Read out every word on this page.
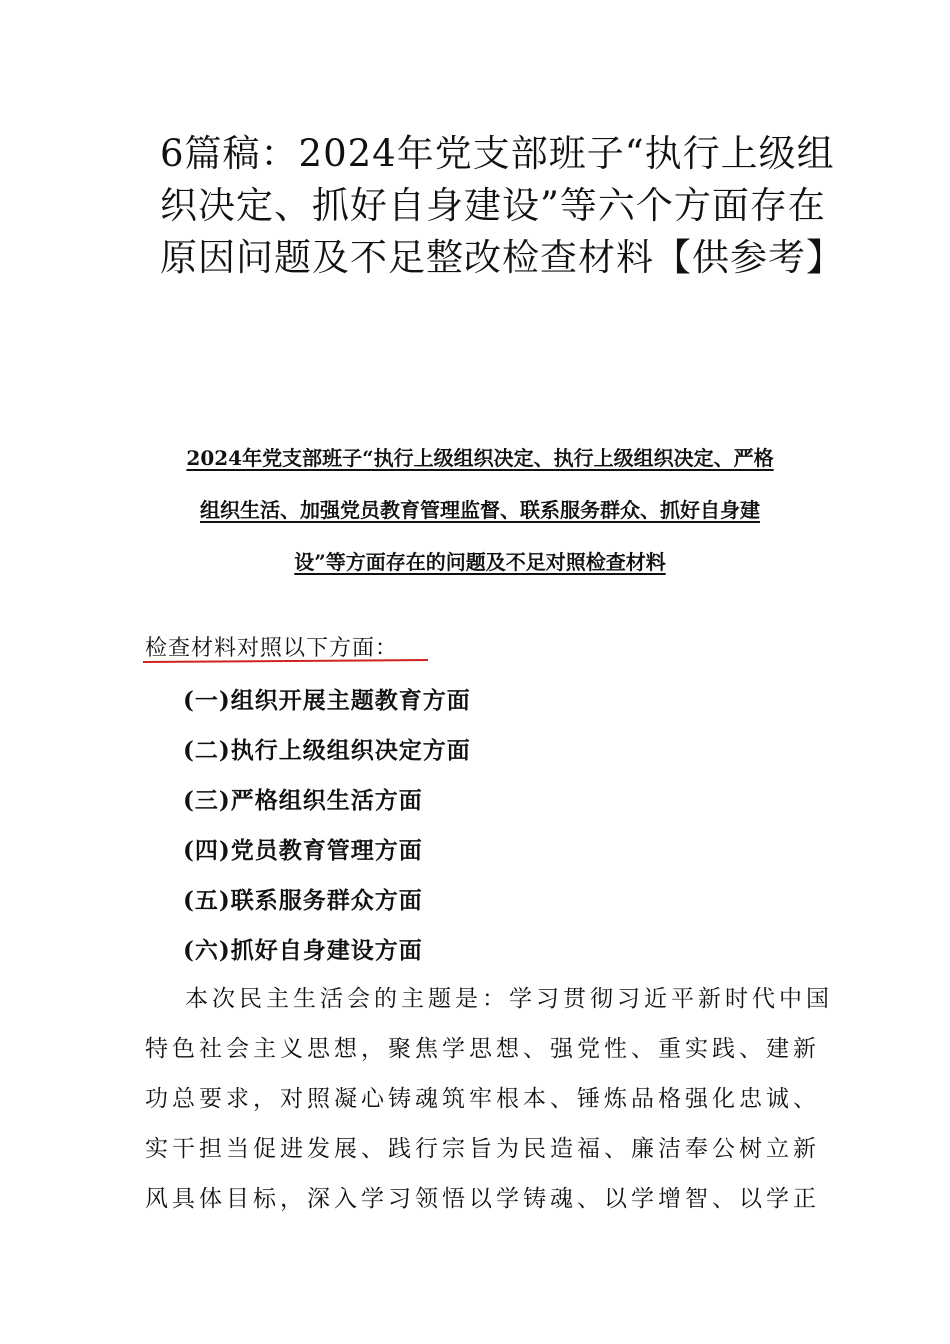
6篇稿：2024年党支部班子“执行上级组
织决定、抓好自身建设”等六个方面存在
原因问题及不足整改检查材料【供参考】
2024年党支部班子“执行上级组织决定、执行上级组织决定、严格
组织生活、加强党员教育管理监督、联系服务群众、抓好自身建
设”等方面存在的问题及不足对照检查材料
检查材料对照以下方面：
(一)组织开展主题教育方面
(二)执行上级组织决定方面
(三)严格组织生活方面
(四)党员教育管理方面
(五)联系服务群众方面
(六)抓好自身建设方面

本次民主生活会的主题是：学习贯彻习近平新时代中国
特色社会主义思想，聚焦学思想、强党性、重实践、建新
功总要求，对照凝心铸魂筑牢根本、锤炼品格强化忠诚、
实干担当促进发展、践行宗旨为民造福、廉洁奉公树立新
风具体目标，深入学习领悟以学铸魂、以学增智、以学正
